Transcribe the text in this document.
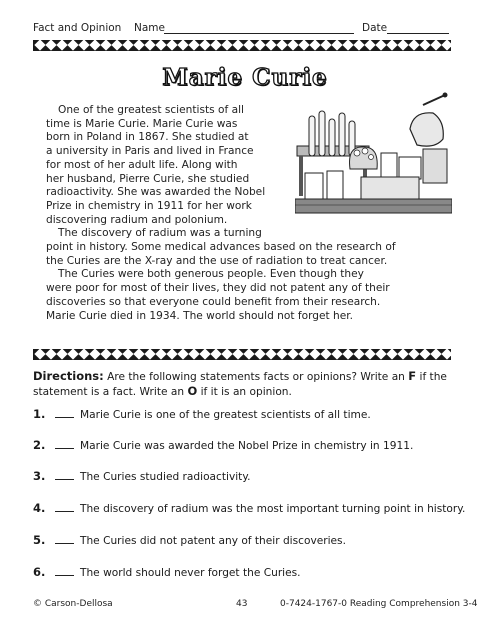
Fact and Opinion Name	Date
Marie Curie
One of the greatest scientists of all
time is Marie Curie. Marie Curie was
born in Poland in 1867. She studied at
a university in Paris and lived in France
for most of her adult life. Along with
her husband, Pierre Curie, she studied
radioactivity. She was awarded the Nobel
Prize in chemistry in 1911 for her work
discovering radium and polonium.
The discovery of radium was a turning
point in history. Some medical advances based on the research of
the Curies are the X-ray and the use of radiation to treat cancer.
The Curies were both generous people. Even though they
were poor for most of their lives, they did not patent any of their
discoveries so that everyone could benefit from their research.
Marie Curie died in 1934. The world should not forget her.
Directions: Are the following statements facts or opinions? Write an F if the
statement is a fact. Write an O if it is an opinion.
1.	Marie Curie is one of the greatest scientists of all time.
2.	Marie Curie was awarded the Nobel Prize in chemistry in 1911.
3.	The Curies studied radioactivity.
4.	The discovery of radium was the most important turning point in history.
5.	The Curies did not patent any of their discoveries.
6.	The world should never forget the Curies.
© Carson-Dellosa	43	0-7424-1767-0 Reading Comprehension 3-4
